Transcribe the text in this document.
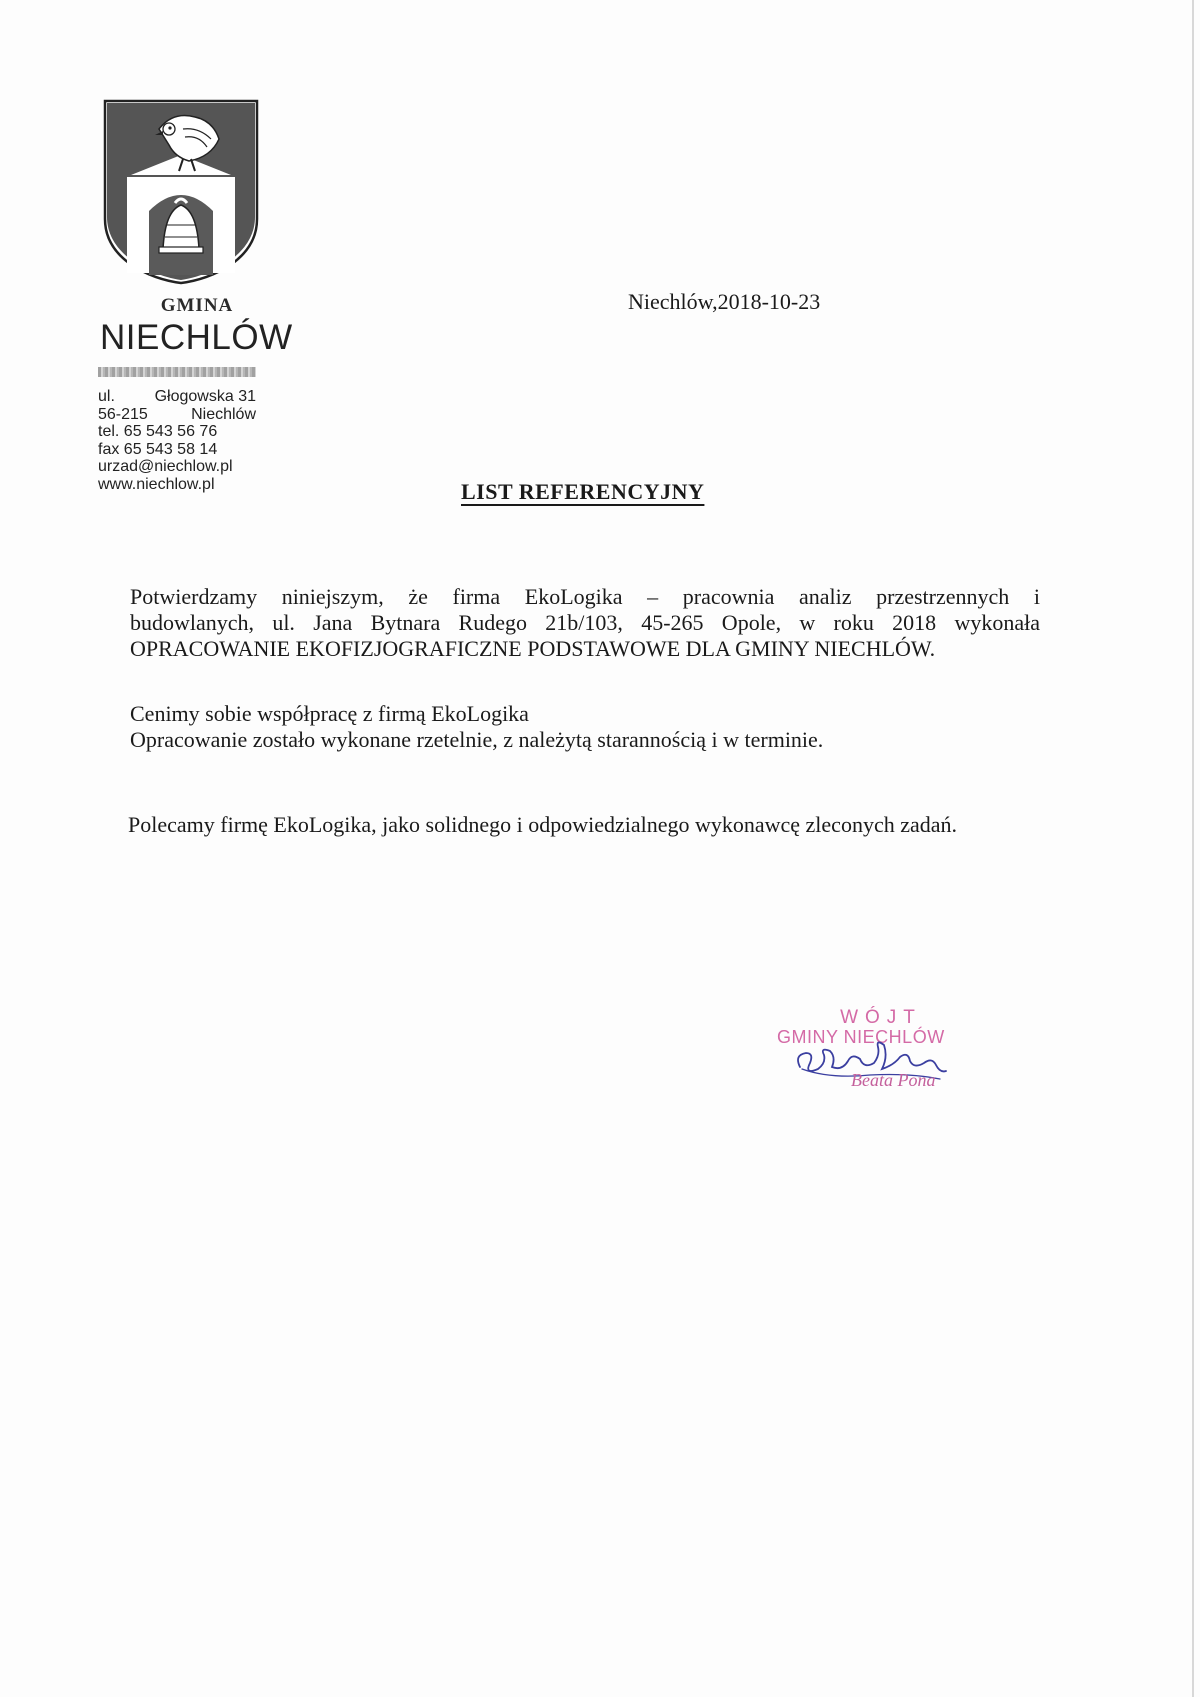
GMINA
NIECHLÓW
ul. Głogowska 31
56-215	Niechlów
tel. 65 543 56 76
fax 65 543 58 14
urzad@niechlow.pl
www.niechlow.pl
Niechlów,2018-10-23
LIST REFERENCYJNY
Potwierdzamy niniejszym, że firma EkoLogika – pracownia analiz przestrzennych i
budowlanych, ul. Jana Bytnara Rudego 21b/103, 45-265 Opole, w roku 2018 wykonała
OPRACOWANIE EKOFIZJOGRAFICZNE PODSTAWOWE DLA GMINY NIECHLÓW.
Cenimy sobie współpracę z firmą EkoLogika
Opracowanie zostało wykonane rzetelnie, z należytą starannością i w terminie.
Polecamy firmę EkoLogika, jako solidnego i odpowiedzialnego wykonawcę zleconych zadań.
WÓJT
GMINY NIECHLÓW
Beata Pona
